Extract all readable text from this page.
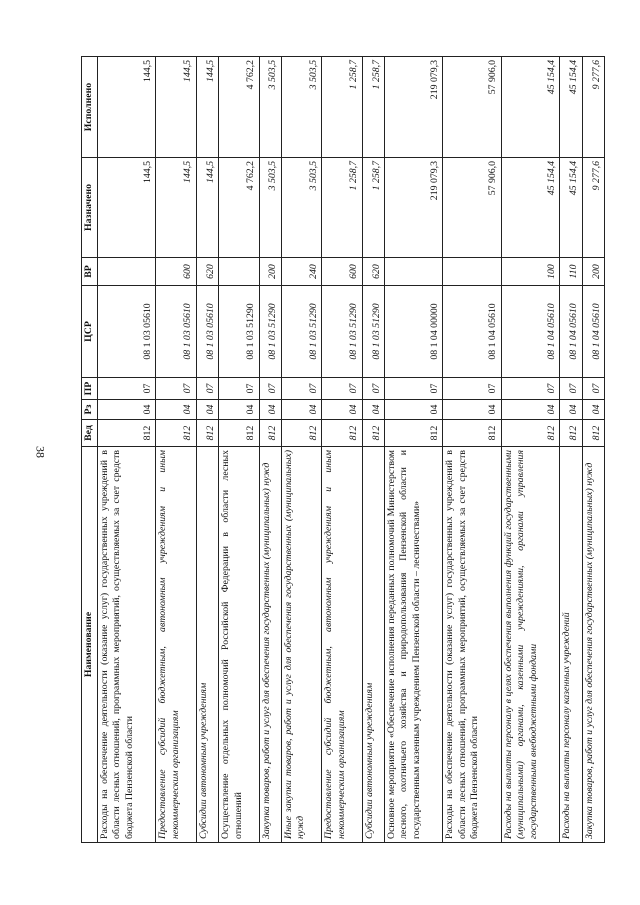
38
Наименование	Вед	Рз	ПР	ЦСР	ВР	Назначено	Исполнено
Расходы на обеспечение деятельности (оказание услуг) государственных учреждений в области лесных отношений, программных мероприятий, осуществляемых за счет средств бюджета Пензенской области	812	04	07	08 1 03 05610		144,5	144,5
Предоставление субсидий бюджетным, автономным учреждениям и иным некоммерческим организациям	812	04	07	08 1 03 05610	600	144,5	144,5
Субсидии автономным учреждениям	812	04	07	08 1 03 05610	620	144,5	144,5
Осуществление отдельных полномочий Российской Федерации в области лесных отношений	812	04	07	08 1 03 51290		4 762,2	4 762,2
Закупка товаров, работ и услуг для обеспечения государственных (муниципальных) нужд	812	04	07	08 1 03 51290	200	3 503,5	3 503,5
Иные закупки товаров, работ и услуг для обеспечения государственных (муниципальных) нужд	812	04	07	08 1 03 51290	240	3 503,5	3 503,5
Предоставление субсидий бюджетным, автономным учреждениям и иным некоммерческим организациям	812	04	07	08 1 03 51290	600	1 258,7	1 258,7
Субсидии автономным учреждениям	812	04	07	08 1 03 51290	620	1 258,7	1 258,7
Основное мероприятие «Обеспечение исполнения переданных полномочий Министерством лесного, охотничьего хозяйства и природопользования Пензенской области и государственным казенным учреждением Пензенской области – лесничествами»	812	04	07	08 1 04 00000		219 079,3	219 079,3
Расходы на обеспечение деятельности (оказание услуг) государственных учреждений в области лесных отношений, программных мероприятий, осуществляемых за счет средств бюджета Пензенской области	812	04	07	08 1 04 05610		57 906,0	57 906,0
Расходы на выплаты персоналу в целях обеспечения выполнения функций государственными (муниципальными) органами, казенными учреждениями, органами управления государственными внебюджетными фондами	812	04	07	08 1 04 05610	100	45 154,4	45 154,4
Расходы на выплаты персоналу казенных учреждений	812	04	07	08 1 04 05610	110	45 154,4	45 154,4
Закупка товаров, работ и услуг для обеспечения государственных (муниципальных) нужд	812	04	07	08 1 04 05610	200	9 277,6	9 277,6
